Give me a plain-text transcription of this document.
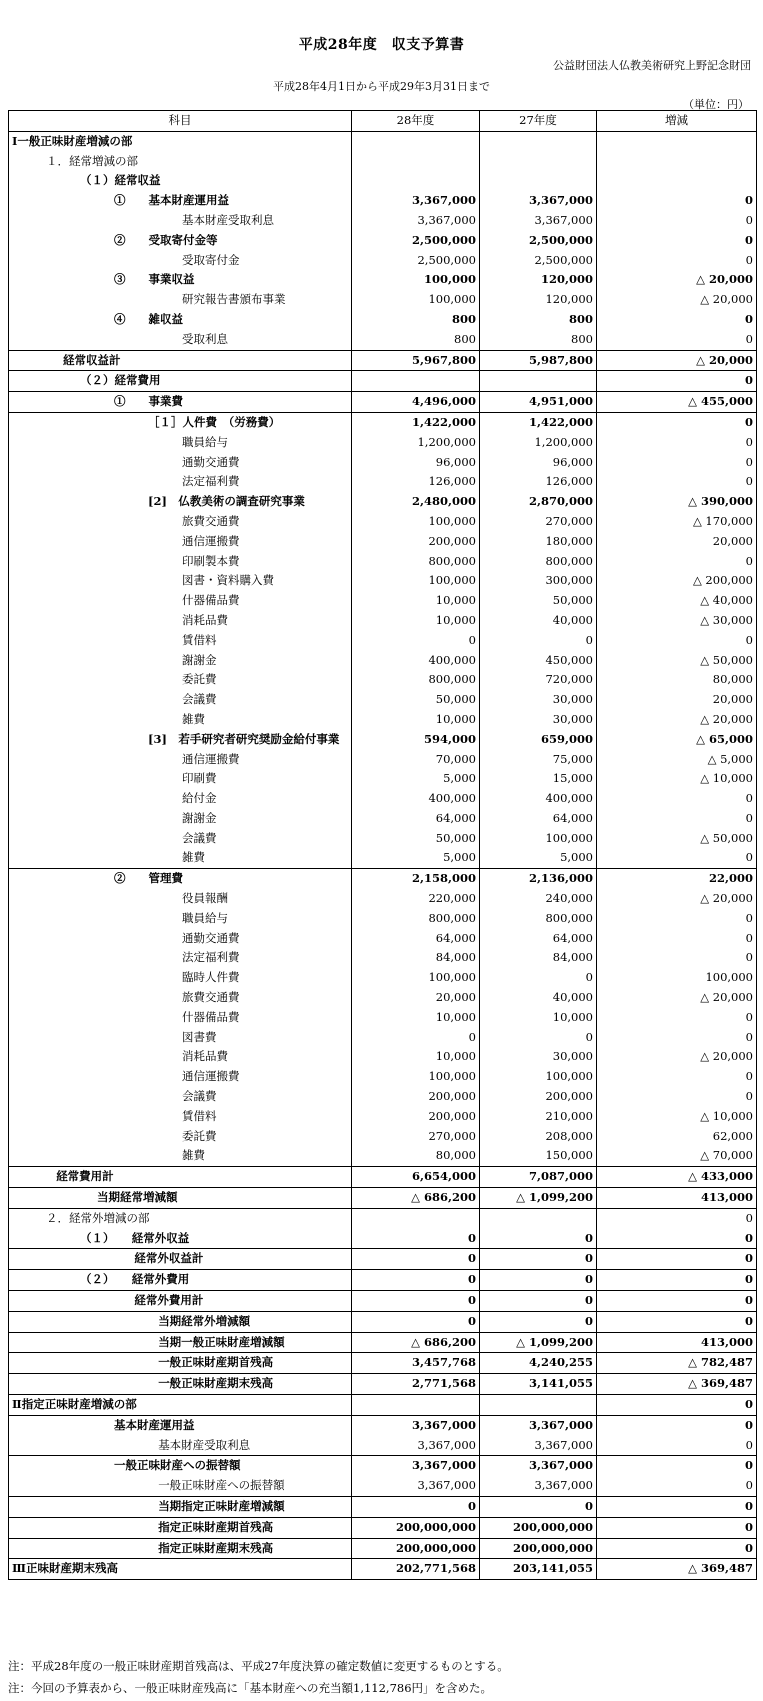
平成28年度　収支予算書
公益財団法人仏教美術研究上野記念財団
平成28年4月1日から平成29年3月31日まで
（単位：円）
科目	28年度	27年度	増減
Ⅰ一般正味財産増減の部			
１．経常増減の部			
（１）経常収益			
①　　基本財産運用益	3,367,000	3,367,000	0
基本財産受取利息	3,367,000	3,367,000	0
②　　受取寄付金等	2,500,000	2,500,000	0
受取寄付金	2,500,000	2,500,000	0
③　　事業収益	100,000	120,000	△ 20,000
研究報告書頒布事業	100,000	120,000	△ 20,000
④　　雑収益	800	800	0
受取利息	800	800	0
経常収益計	5,967,800	5,987,800	△ 20,000
（２）経常費用			0
①　　事業費	4,496,000	4,951,000	△ 455,000
［１］人件費　（労務費）	1,422,000	1,422,000	0
職員給与	1,200,000	1,200,000	0
通勤交通費	96,000	96,000	0
法定福利費	126,000	126,000	0
[2]　仏教美術の調査研究事業	2,480,000	2,870,000	△ 390,000
旅費交通費	100,000	270,000	△ 170,000
通信運搬費	200,000	180,000	20,000
印刷製本費	800,000	800,000	0
図書・資料購入費	100,000	300,000	△ 200,000
什器備品費	10,000	50,000	△ 40,000
消耗品費	10,000	40,000	△ 30,000
賃借料	0	0	0
謝謝金	400,000	450,000	△ 50,000
委託費	800,000	720,000	80,000
会議費	50,000	30,000	20,000
雑費	10,000	30,000	△ 20,000
[3]　若手研究者研究奨励金給付事業	594,000	659,000	△ 65,000
通信運搬費	70,000	75,000	△ 5,000
印刷費	5,000	15,000	△ 10,000
給付金	400,000	400,000	0
謝謝金	64,000	64,000	0
会議費	50,000	100,000	△ 50,000
雑費	5,000	5,000	0
②　　管理費	2,158,000	2,136,000	22,000
役員報酬	220,000	240,000	△ 20,000
職員給与	800,000	800,000	0
通勤交通費	64,000	64,000	0
法定福利費	84,000	84,000	0
臨時人件費	100,000	0	100,000
旅費交通費	20,000	40,000	△ 20,000
什器備品費	10,000	10,000	0
図書費	0	0	0
消耗品費	10,000	30,000	△ 20,000
通信運搬費	100,000	100,000	0
会議費	200,000	200,000	0
賃借料	200,000	210,000	△ 10,000
委託費	270,000	208,000	62,000
雑費	80,000	150,000	△ 70,000
経常費用計	6,654,000	7,087,000	△ 433,000
当期経常増減額	△ 686,200	△ 1,099,200	413,000
２．経常外増減の部			0
（１）　　経常外収益	0	0	0
経常外収益計	0	0	0
（２）　　経常外費用	0	0	0
経常外費用計	0	0	0
当期経常外増減額	0	0	0
当期一般正味財産増減額	△ 686,200	△ 1,099,200	413,000
一般正味財産期首残高	3,457,768	4,240,255	△ 782,487
一般正味財産期末残高	2,771,568	3,141,055	△ 369,487
Ⅱ指定正味財産増減の部			0
基本財産運用益	3,367,000	3,367,000	0
基本財産受取利息	3,367,000	3,367,000	0
一般正味財産への振替額	3,367,000	3,367,000	0
一般正味財産への振替額	3,367,000	3,367,000	0
当期指定正味財産増減額	0	0	0
指定正味財産期首残高	200,000,000	200,000,000	0
指定正味財産期末残高	200,000,000	200,000,000	0
Ⅲ正味財産期末残高	202,771,568	203,141,055	△ 369,487
注：平成28年度の一般正味財産期首残高は、平成27年度決算の確定数値に変更するものとする。
注：今回の予算表から、一般正味財産残高に「基本財産への充当額1,112,786円」を含めた。
